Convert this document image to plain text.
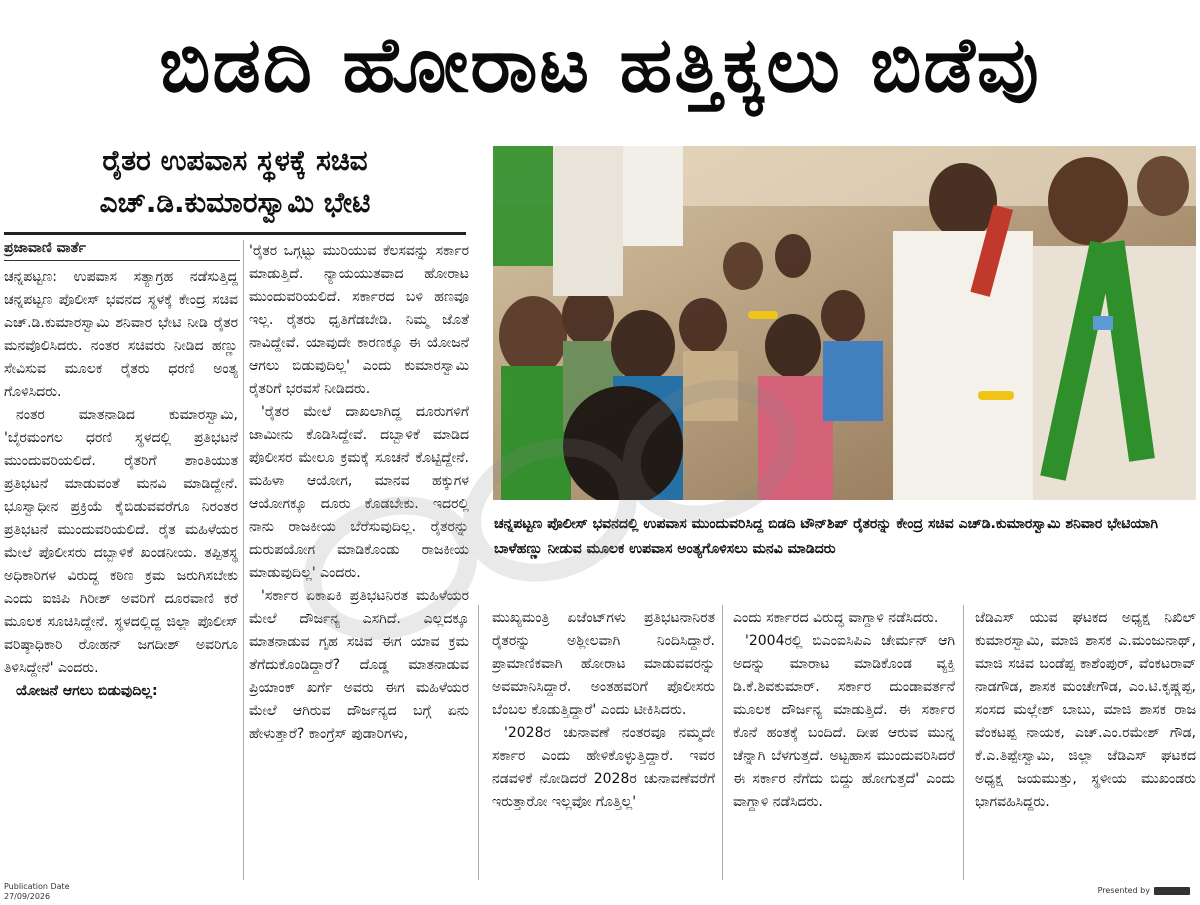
ಬಿಡದಿ ಹೋರಾಟ ಹತ್ತಿಕ್ಕಲು ಬಿಡೆವು
ರೈತರ ಉಪವಾಸ ಸ್ಥಳಕ್ಕೆ ಸಚಿವ
ಎಚ್.ಡಿ.ಕುಮಾರಸ್ವಾಮಿ ಭೇಟಿ
ಪ್ರಜಾವಾಣಿ ವಾರ್ತೆ

ಚನ್ನಪಟ್ಟಣ: ಉಪವಾಸ ಸತ್ಯಾಗ್ರಹ ನಡೆಸುತ್ತಿದ್ದ ಚನ್ನಪಟ್ಟಣ ಪೊಲೀಸ್ ಭವನದ ಸ್ಥಳಕ್ಕೆ ಕೇಂದ್ರ ಸಚಿವ ಎಚ್.ಡಿ.ಕುಮಾರಸ್ವಾಮಿ ಶನಿವಾರ ಭೇಟಿ ನೀಡಿ ರೈತರ ಮನವೊಲಿಸಿದರು. ನಂತರ ಸಚಿವರು ನೀಡಿದ ಹಣ್ಣು ಸೇವಿಸುವ ಮೂಲಕ ರೈತರು ಧರಣಿ ಅಂತ್ಯ ಗೊಳಿಸಿದರು.

ನಂತರ ಮಾತನಾಡಿದ ಕುಮಾರಸ್ವಾಮಿ, 'ಬೈರಮಂಗಲ ಧರಣಿ ಸ್ಥಳದಲ್ಲಿ ಪ್ರತಿಭಟನೆ ಮುಂದುವರಿಯಲಿದೆ. ರೈತರಿಗೆ ಶಾಂತಿಯುತ ಪ್ರತಿಭಟನೆ ಮಾಡುವಂತೆ ಮನವಿ ಮಾಡಿದ್ದೇನೆ. ಭೂಸ್ವಾಧೀನ ಪ್ರಕ್ರಿಯೆ ಕೈಬಿಡುವವರೆಗೂ ನಿರಂತರ ಪ್ರತಿಭಟನೆ ಮುಂದುವರಿಯಲಿದೆ. ರೈತ ಮಹಿಳೆಯರ ಮೇಲೆ ಪೊಲೀಸರು ದಬ್ಬಾಳಿಕೆ ಖಂಡನೀಯ. ತಪ್ಪಿತಸ್ಥ ಅಧಿಕಾರಿಗಳ ವಿರುದ್ಧ ಕಠಿಣ ಕ್ರಮ ಜರುಗಿಸಬೇಕು ಎಂದು ಐಜಿಪಿ ಗಿರೀಶ್ ಅವರಿಗೆ ದೂರವಾಣಿ ಕರೆ ಮೂಲಕ ಸೂಚಿಸಿದ್ದೇನೆ. ಸ್ಥಳದಲ್ಲಿದ್ದ ಜಿಲ್ಲಾ ಪೊಲೀಸ್ ವರಿಷ್ಠಾಧಿಕಾರಿ ರೋಹನ್ ಜಗದೀಶ್ ಅವರಿಗೂ ತಿಳಿಸಿದ್ದೇನೆ' ಎಂದರು.

ಯೋಜನೆ ಆಗಲು ಬಿಡುವುದಿಲ್ಲ:

'ರೈತರ ಒಗ್ಗಟ್ಟು ಮುರಿಯುವ ಕೆಲಸವನ್ನು ಸರ್ಕಾರ ಮಾಡುತ್ತಿದೆ. ನ್ಯಾಯಯುತವಾದ ಹೋರಾಟ ಮುಂದುವರಿಯಲಿದೆ. ಸರ್ಕಾರದ ಬಳಿ ಹಣವೂ ಇಲ್ಲ. ರೈತರು ಧೃತಿಗೆಡಬೇಡಿ. ನಿಮ್ಮ ಜೊತೆ ನಾವಿದ್ದೇವೆ. ಯಾವುದೇ ಕಾರಣಕ್ಕೂ ಈ ಯೋಜನೆ ಆಗಲು ಬಿಡುವುದಿಲ್ಲ' ಎಂದು ಕುಮಾರಸ್ವಾಮಿ ರೈತರಿಗೆ ಭರವಸೆ ನೀಡಿದರು.

'ರೈತರ ಮೇಲೆ ದಾಖಲಾಗಿದ್ದ ದೂರುಗಳಿಗೆ ಜಾಮೀನು ಕೊಡಿಸಿದ್ದೇವೆ. ದಬ್ಬಾಳಿಕೆ ಮಾಡಿದ ಪೊಲೀಸರ ಮೇಲೂ ಕ್ರಮಕ್ಕೆ ಸೂಚನೆ ಕೊಟ್ಟಿದ್ದೇನೆ. ಮಹಿಳಾ ಆಯೋಗ, ಮಾನವ ಹಕ್ಕುಗಳ ಆಯೋಗಕ್ಕೂ ದೂರು ಕೊಡಬೇಕು. ಇದರಲ್ಲಿ ನಾನು ರಾಜಕೀಯ ಬೆರೆಸುವುದಿಲ್ಲ. ರೈತರನ್ನು ದುರುಪಯೋಗ ಮಾಡಿಕೊಂಡು ರಾಜಕೀಯ ಮಾಡುವುದಿಲ್ಲ' ಎಂದರು.

'ಸರ್ಕಾರ ಏಕಾಏಕಿ ಪ್ರತಿಭಟನಿರತ ಮಹಿಳೆಯರ ಮೇಲೆ ದೌರ್ಜನ್ಯ ಎಸಗಿದೆ. ಎಲ್ಲದಕ್ಕೂ ಮಾತನಾಡುವ ಗೃಹ ಸಚಿವ ಈಗ ಯಾವ ಕ್ರಮ ತೆಗೆದುಕೊಂಡಿದ್ದಾರೆ? ದೊಡ್ಡ ಮಾತನಾಡುವ ಪ್ರಿಯಾಂಕ್ ಖರ್ಗೆ ಅವರು ಈಗ ಮಹಿಳೆಯರ ಮೇಲೆ ಆಗಿರುವ ದೌರ್ಜನ್ಯದ ಬಗ್ಗೆ ಏನು ಹೇಳುತ್ತಾರೆ? ಕಾಂಗ್ರೆಸ್ ಪುಡಾರಿಗಳು,

ಚನ್ನಪಟ್ಟಣ ಪೊಲೀಸ್ ಭವನದಲ್ಲಿ ಉಪವಾಸ ಮುಂದುವರಿಸಿದ್ದ ಬಿಡದಿ ಟೌನ್‌ಶಿಪ್ ರೈತರನ್ನು ಕೇಂದ್ರ ಸಚಿವ ಎಚ್‌ಡಿ.ಕುಮಾರಸ್ವಾಮಿ ಶನಿವಾರ ಭೇಟಿಯಾಗಿ ಬಾಳೆಹಣ್ಣು ನೀಡುವ ಮೂಲಕ ಉಪವಾಸ ಅಂತ್ಯಗೊಳಿಸಲು ಮನವಿ ಮಾಡಿದರು

ಮುಖ್ಯಮಂತ್ರಿ ಏಜೆಂಟ್‌ಗಳು ಪ್ರತಿಭಟನಾನಿರತ ರೈತರನ್ನು ಅಶ್ಲೀಲವಾಗಿ ನಿಂದಿಸಿದ್ದಾರೆ. ಪ್ರಾಮಾಣಿಕವಾಗಿ ಹೋರಾಟ ಮಾಡುವವರನ್ನು ಅವಮಾನಿಸಿದ್ದಾರೆ. ಅಂತಹವರಿಗೆ ಪೊಲೀಸರು ಬೆಂಬಲ ಕೊಡುತ್ತಿದ್ದಾರೆ' ಎಂದು ಟೀಕಿಸಿದರು.

'2028ರ ಚುನಾವಣೆ ನಂತರವೂ ನಮ್ಮದೇ ಸರ್ಕಾರ ಎಂದು ಹೇಳಿಕೊಳ್ಳುತ್ತಿದ್ದಾರೆ. ಇವರ ನಡವಳಿಕೆ ನೋಡಿದರೆ 2028ರ ಚುನಾವಣೆವರೆಗೆ ಇರುತ್ತಾರೋ ಇಲ್ಲವೋ ಗೊತ್ತಿಲ್ಲ'

ಎಂದು ಸರ್ಕಾರದ ವಿರುದ್ಧ ವಾಗ್ದಾಳಿ ನಡೆಸಿದರು.

'2004ರಲ್ಲಿ ಬಿಎಂಐಸಿಪಿಎ ಚೇರ್ಮನ್ ಆಗಿ ಅದನ್ನು ಮಾರಾಟ ಮಾಡಿಕೊಂಡ ವ್ಯಕ್ತಿ ಡಿ.ಕೆ.ಶಿವಕುಮಾರ್. ಸರ್ಕಾರ ದುಂಡಾವರ್ತನೆ ಮೂಲಕ ದೌರ್ಜನ್ಯ ಮಾಡುತ್ತಿದೆ. ಈ ಸರ್ಕಾರ ಕೊನೆ ಹಂತಕ್ಕೆ ಬಂದಿದೆ. ದೀಪ ಆರುವ ಮುನ್ನ ಚೆನ್ನಾಗಿ ಬೆಳಗುತ್ತದೆ. ಅಟ್ಟಹಾಸ ಮುಂದುವರಿಸಿದರೆ ಈ ಸರ್ಕಾರ ನೆಗೆದು ಬಿದ್ದು ಹೋಗುತ್ತದೆ' ಎಂದು ವಾಗ್ದಾಳಿ ನಡೆಸಿದರು.

ಜೆಡಿಎಸ್ ಯುವ ಘಟಕದ ಅಧ್ಯಕ್ಷ ನಿಖಿಲ್ ಕುಮಾರಸ್ವಾಮಿ, ಮಾಜಿ ಶಾಸಕ ಎ.ಮಂಜುನಾಥ್, ಮಾಜಿ ಸಚಿವ ಬಂಡೆಪ್ಪ ಕಾಶೆಂಪುರ್, ವೆಂಕಟರಾವ್ ನಾಡಗೌಡ, ಶಾಸಕ ಮಂಚೇಗೌಡ, ಎಂ.ಟಿ.ಕೃಷ್ಣಪ್ಪ, ಸಂಸದ ಮಲ್ಲೇಶ್ ಬಾಬು, ಮಾಜಿ ಶಾಸಕ ರಾಜ ವೆಂಕಟಪ್ಪ ನಾಯಕ, ಎಚ್.ಎಂ.ರಮೇಶ್ ಗೌಡ, ಕೆ.ಎ.ತಿಪ್ಪೇಸ್ವಾಮಿ, ಜಿಲ್ಲಾ ಜೆಡಿಎಸ್ ಘಟಕದ ಅಧ್ಯಕ್ಷ ಜಯಮುತ್ತು, ಸ್ಥಳೀಯ ಮುಖಂಡರು ಭಾಗವಹಿಸಿದ್ದರು.

Publication Date
27/09/2026
Presented by
